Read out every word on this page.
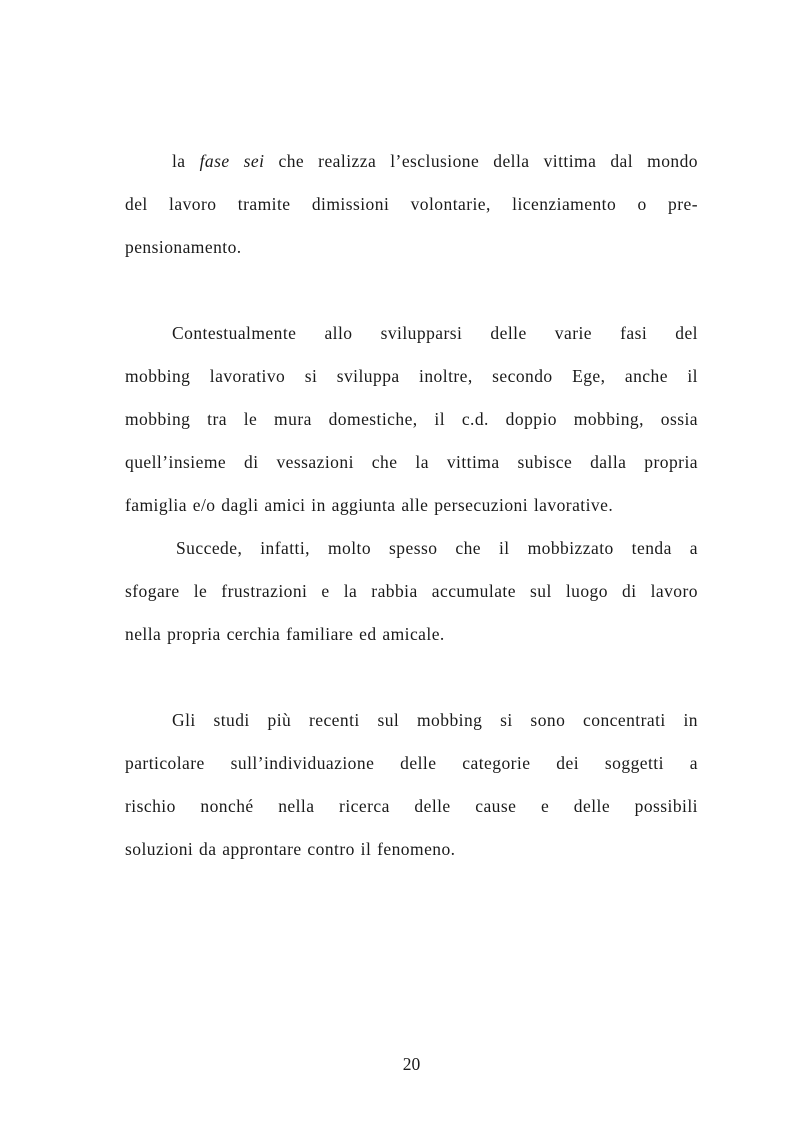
la fase sei che realizza l’esclusione della vittima dal mondo
del lavoro tramite dimissioni volontarie, licenziamento o pre-
pensionamento.
Contestualmente allo svilupparsi delle varie fasi del
mobbing lavorativo si sviluppa inoltre, secondo Ege, anche il
mobbing tra le mura domestiche, il c.d. doppio mobbing, ossia
quell’insieme di vessazioni che la vittima subisce dalla propria
famiglia e/o dagli amici in aggiunta alle persecuzioni lavorative.
Succede, infatti, molto spesso che il mobbizzato tenda a
sfogare le frustrazioni e la rabbia accumulate sul luogo di lavoro
nella propria cerchia familiare ed amicale.
Gli studi più recenti sul mobbing si sono concentrati in
particolare sull’individuazione delle categorie dei soggetti a
rischio nonché nella ricerca delle cause e delle possibili
soluzioni da approntare contro il fenomeno.
20
